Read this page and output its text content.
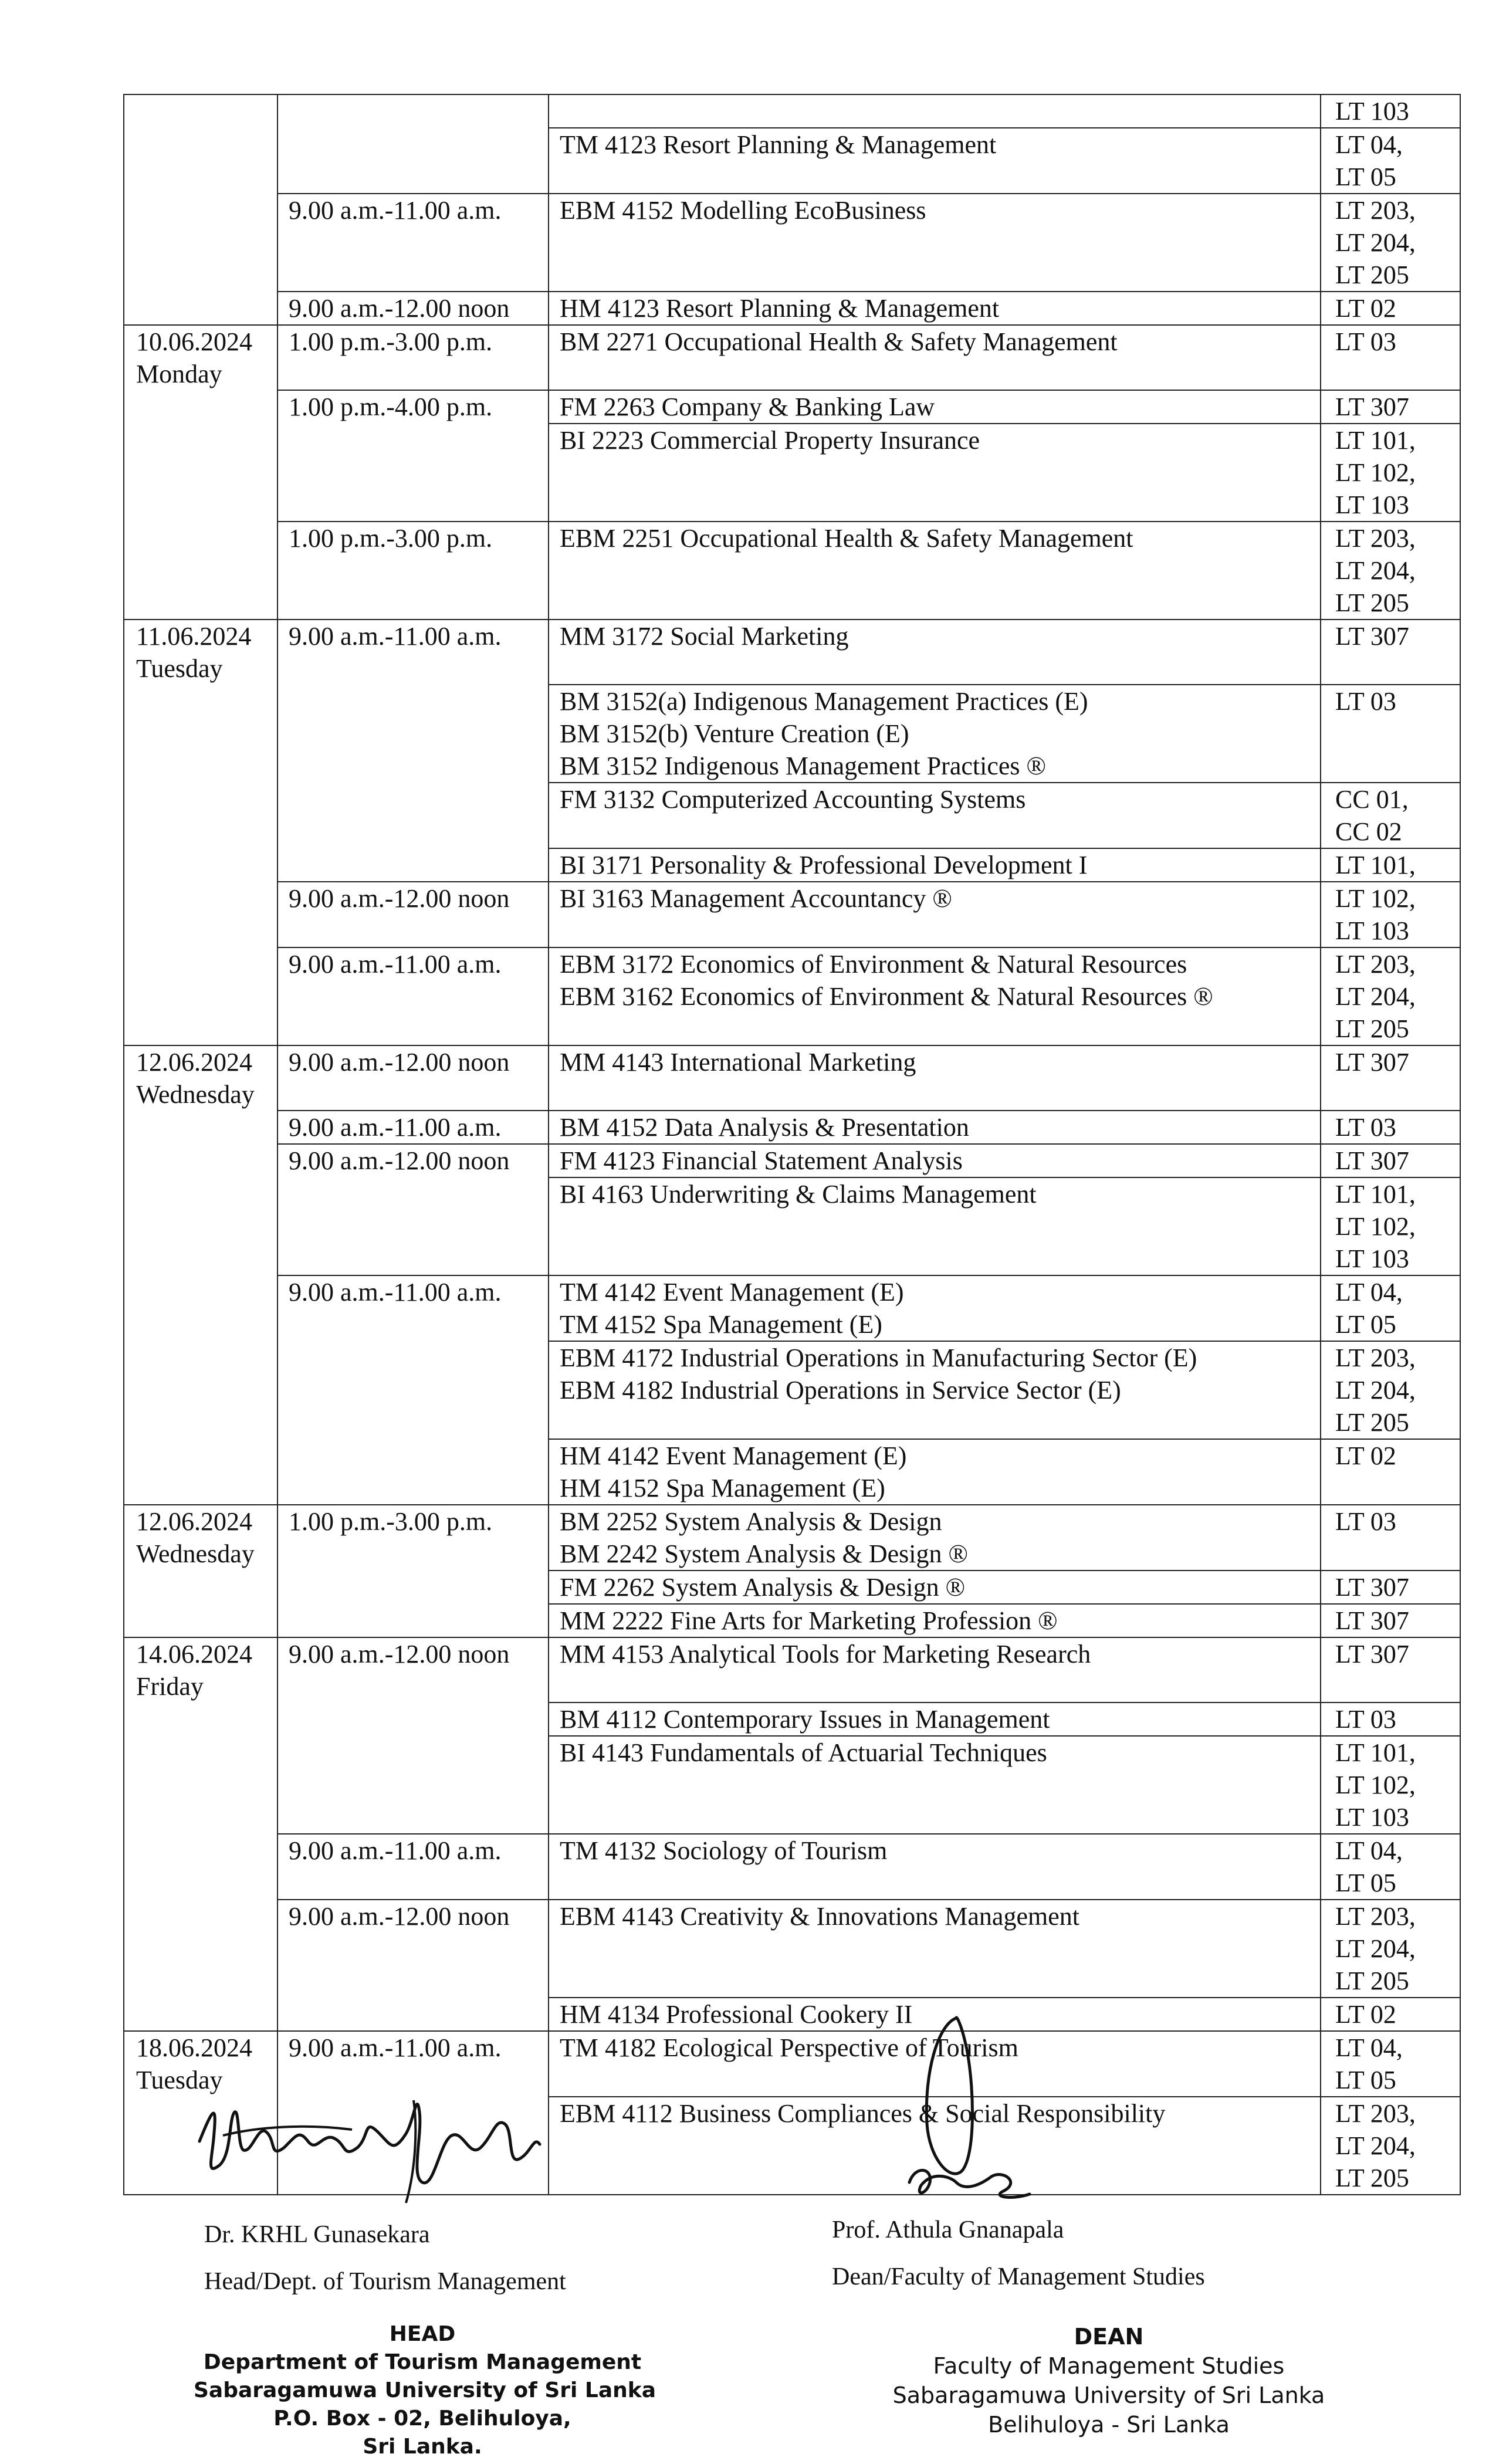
			LT 103

		TM 4123 Resort Planning & Management	LT 04,
LT 05

	9.00 a.m.-11.00 a.m.	EBM 4152 Modelling EcoBusiness	LT 203,
LT 204,
LT 205

	9.00 a.m.-12.00 noon	HM 4123 Resort Planning & Management	LT 02

10.06.2024
Monday	1.00 p.m.-3.00 p.m.	BM 2271 Occupational Health & Safety Management	LT 03

	1.00 p.m.-4.00 p.m.	FM 2263 Company & Banking Law	LT 307

		BI 2223 Commercial Property Insurance	LT 101,
LT 102,
LT 103

	1.00 p.m.-3.00 p.m.	EBM 2251 Occupational Health & Safety Management	LT 203,
LT 204,
LT 205

11.06.2024
Tuesday	9.00 a.m.-11.00 a.m.	MM 3172 Social Marketing	LT 307

		BM 3152(a) Indigenous Management Practices (E)
BM 3152(b) Venture Creation (E)
BM 3152 Indigenous Management Practices ®	LT 03

		FM 3132 Computerized Accounting Systems	CC 01,
CC 02

		BI 3171 Personality & Professional Development I	LT 101,

	9.00 a.m.-12.00 noon	BI 3163 Management Accountancy ®	LT 102,
LT 103

	9.00 a.m.-11.00 a.m.	EBM 3172 Economics of Environment & Natural Resources
EBM 3162 Economics of Environment & Natural Resources ®	LT 203,
LT 204,
LT 205

12.06.2024
Wednesday	9.00 a.m.-12.00 noon	MM 4143 International Marketing	LT 307

	9.00 a.m.-11.00 a.m.	BM 4152 Data Analysis & Presentation	LT 03

	9.00 a.m.-12.00 noon	FM 4123 Financial Statement Analysis	LT 307

		BI 4163 Underwriting & Claims Management	LT 101,
LT 102,
LT 103

	9.00 a.m.-11.00 a.m.	TM 4142 Event Management (E)
TM 4152 Spa Management (E)	LT 04,
LT 05

		EBM 4172 Industrial Operations in Manufacturing Sector (E)
EBM 4182 Industrial Operations in Service Sector (E)	LT 203,
LT 204,
LT 205

		HM 4142 Event Management (E)
HM 4152 Spa Management (E)	LT 02

12.06.2024
Wednesday	1.00 p.m.-3.00 p.m.	BM 2252 System Analysis & Design
BM 2242 System Analysis & Design ®	LT 03

		FM 2262 System Analysis & Design ®	LT 307

		MM 2222 Fine Arts for Marketing Profession ®	LT 307

14.06.2024
Friday	9.00 a.m.-12.00 noon	MM 4153 Analytical Tools for Marketing Research	LT 307

		BM 4112 Contemporary Issues in Management	LT 03

		BI 4143 Fundamentals of Actuarial Techniques	LT 101,
LT 102,
LT 103

	9.00 a.m.-11.00 a.m.	TM 4132 Sociology of Tourism	LT 04,
LT 05

	9.00 a.m.-12.00 noon	EBM 4143 Creativity & Innovations Management	LT 203,
LT 204,
LT 205

		HM 4134 Professional Cookery II	LT 02

18.06.2024
Tuesday	9.00 a.m.-11.00 a.m.	TM 4182 Ecological Perspective of Tourism	LT 04,
LT 05

		EBM 4112 Business Compliances & Social Responsibility	LT 203,
LT 204,
LT 205
Dr. KRHL Gunasekara
Head/Dept. of Tourism Management
Prof. Athula Gnanapala
Dean/Faculty of Management Studies
HEAD
Department of Tourism Management
Sabaragamuwa University of Sri Lanka
P.O. Box - 02, Belihuloya,
Sri Lanka.
DEAN
Faculty of Management Studies
Sabaragamuwa University of Sri Lanka
Belihuloya - Sri Lanka
